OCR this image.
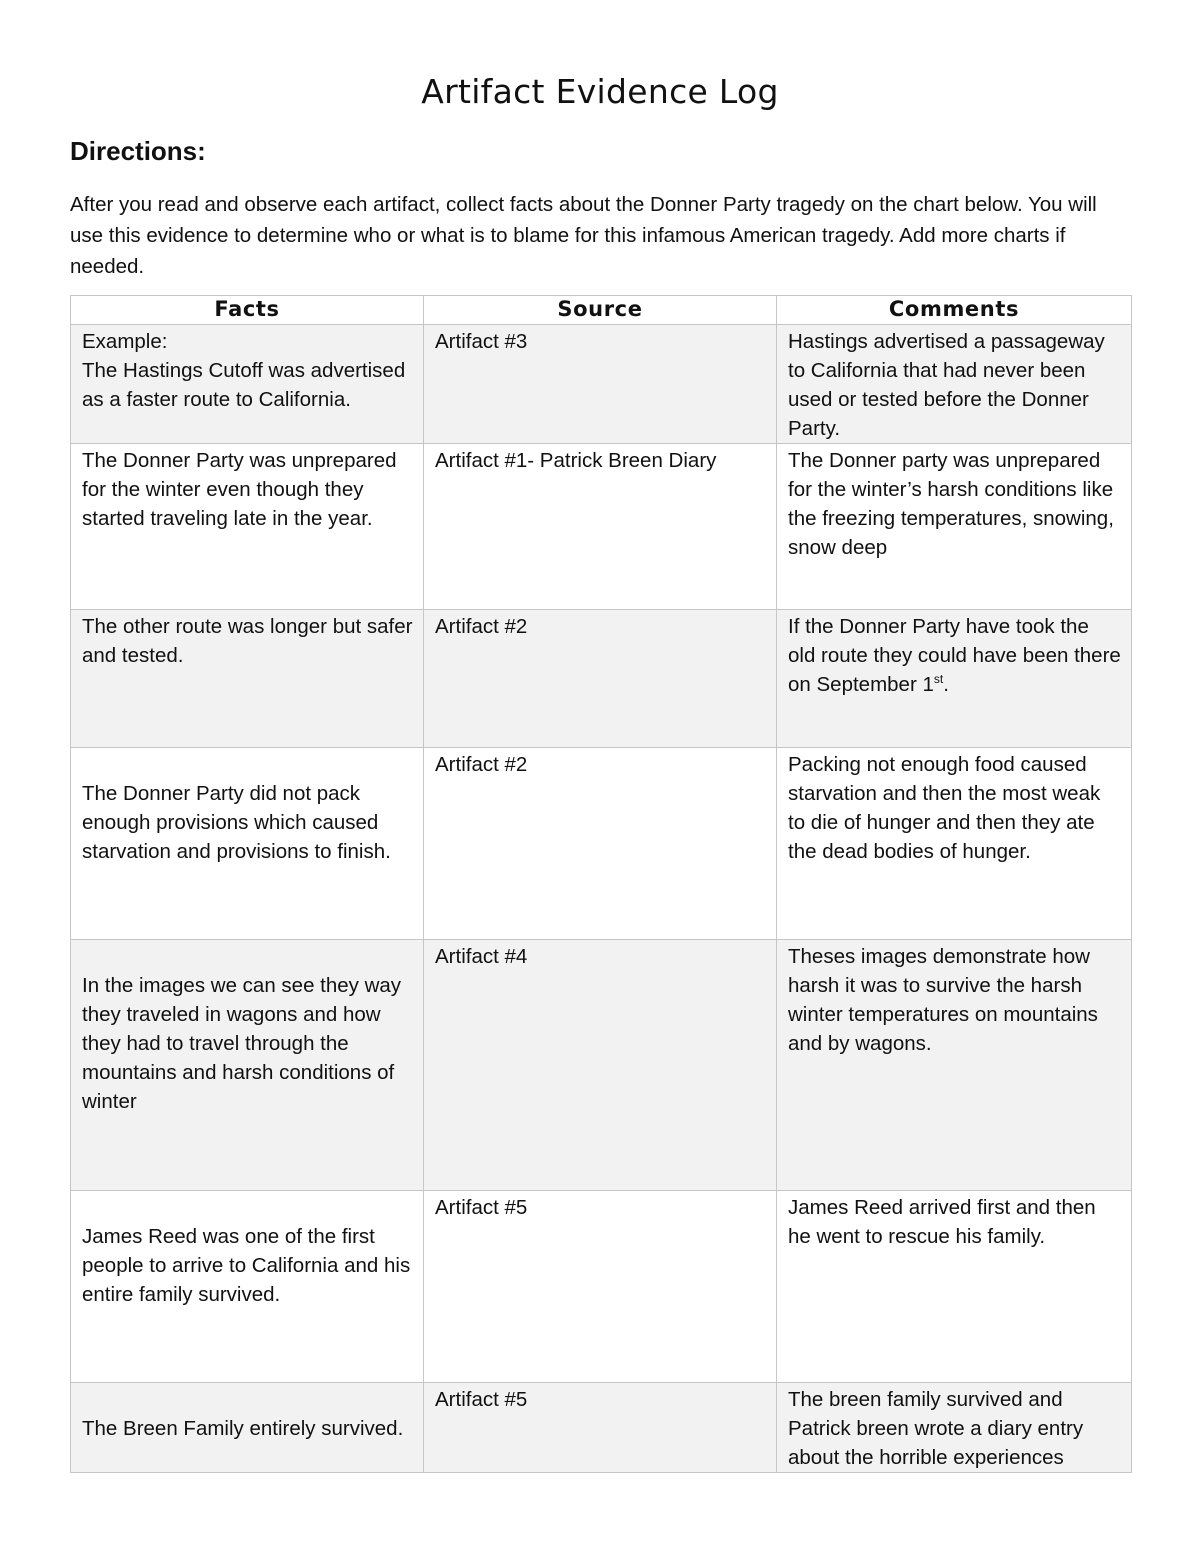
Artifact Evidence Log
Directions:
After you read and observe each artifact, collect facts about the Donner Party tragedy on the chart below. You will use this evidence to determine who or what is to blame for this infamous American tragedy. Add more charts if needed.
Facts	Source	Comments

Example:
The Hastings Cutoff was advertised as a faster route to California.	Artifact #3	Hastings advertised a passageway to California that had never been used or tested before the Donner Party.
The Donner Party was unprepared for the winter even though they started traveling late in the year.	Artifact #1- Patrick Breen Diary	The Donner party was unprepared for the winter’s harsh conditions like the freezing temperatures, snowing, snow deep
The other route was longer but safer and tested.	Artifact #2	If the Donner Party have took the old route they could have been there on September 1st.

The Donner Party did not pack enough provisions which caused starvation and provisions to finish.	Artifact #2	Packing not enough food caused starvation and then the most weak to die of hunger and then they ate the dead bodies of hunger.

In the images we can see they way they traveled in wagons and how they had to travel through the mountains and harsh conditions of winter	Artifact #4	Theses images demonstrate how harsh it was to survive the harsh winter temperatures on mountains and by wagons.

James Reed was one of the first people to arrive to California and his entire family survived.	Artifact #5	James Reed arrived first and then he went to rescue his family.

The Breen Family entirely survived.	Artifact #5	The breen family survived and Patrick breen wrote a diary entry about the horrible experiences
